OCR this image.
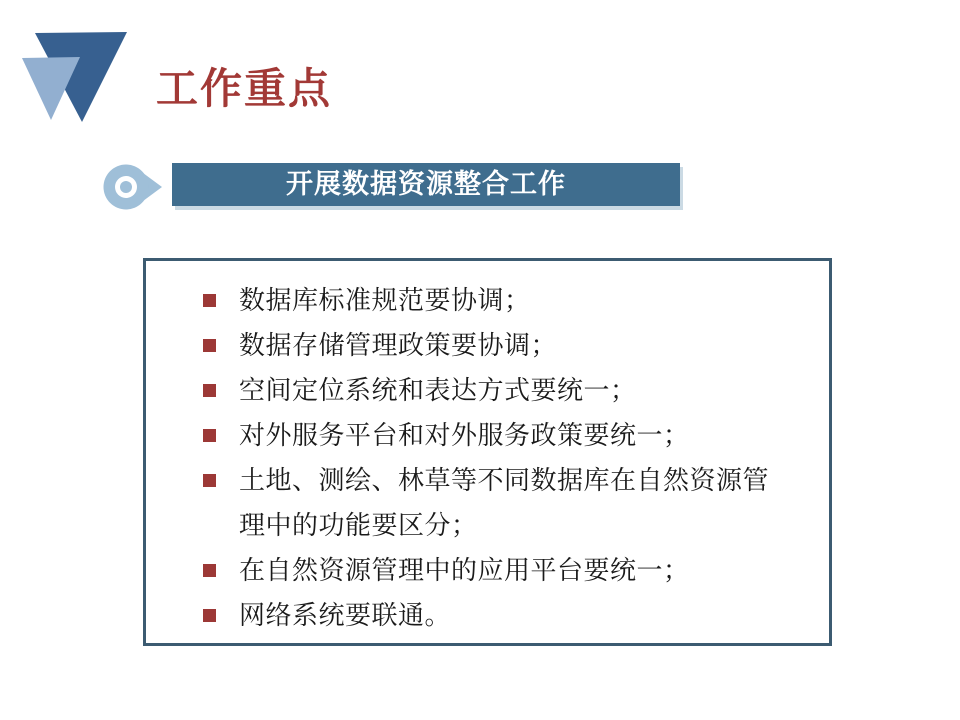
工作重点
开展数据资源整合工作
数据库标准规范要协调；
数据存储管理政策要协调；
空间定位系统和表达方式要统一；
对外服务平台和对外服务政策要统一；
土地、测绘、林草等不同数据库在自然资源管理中的功能要区分；
在自然资源管理中的应用平台要统一；
网络系统要联通。
